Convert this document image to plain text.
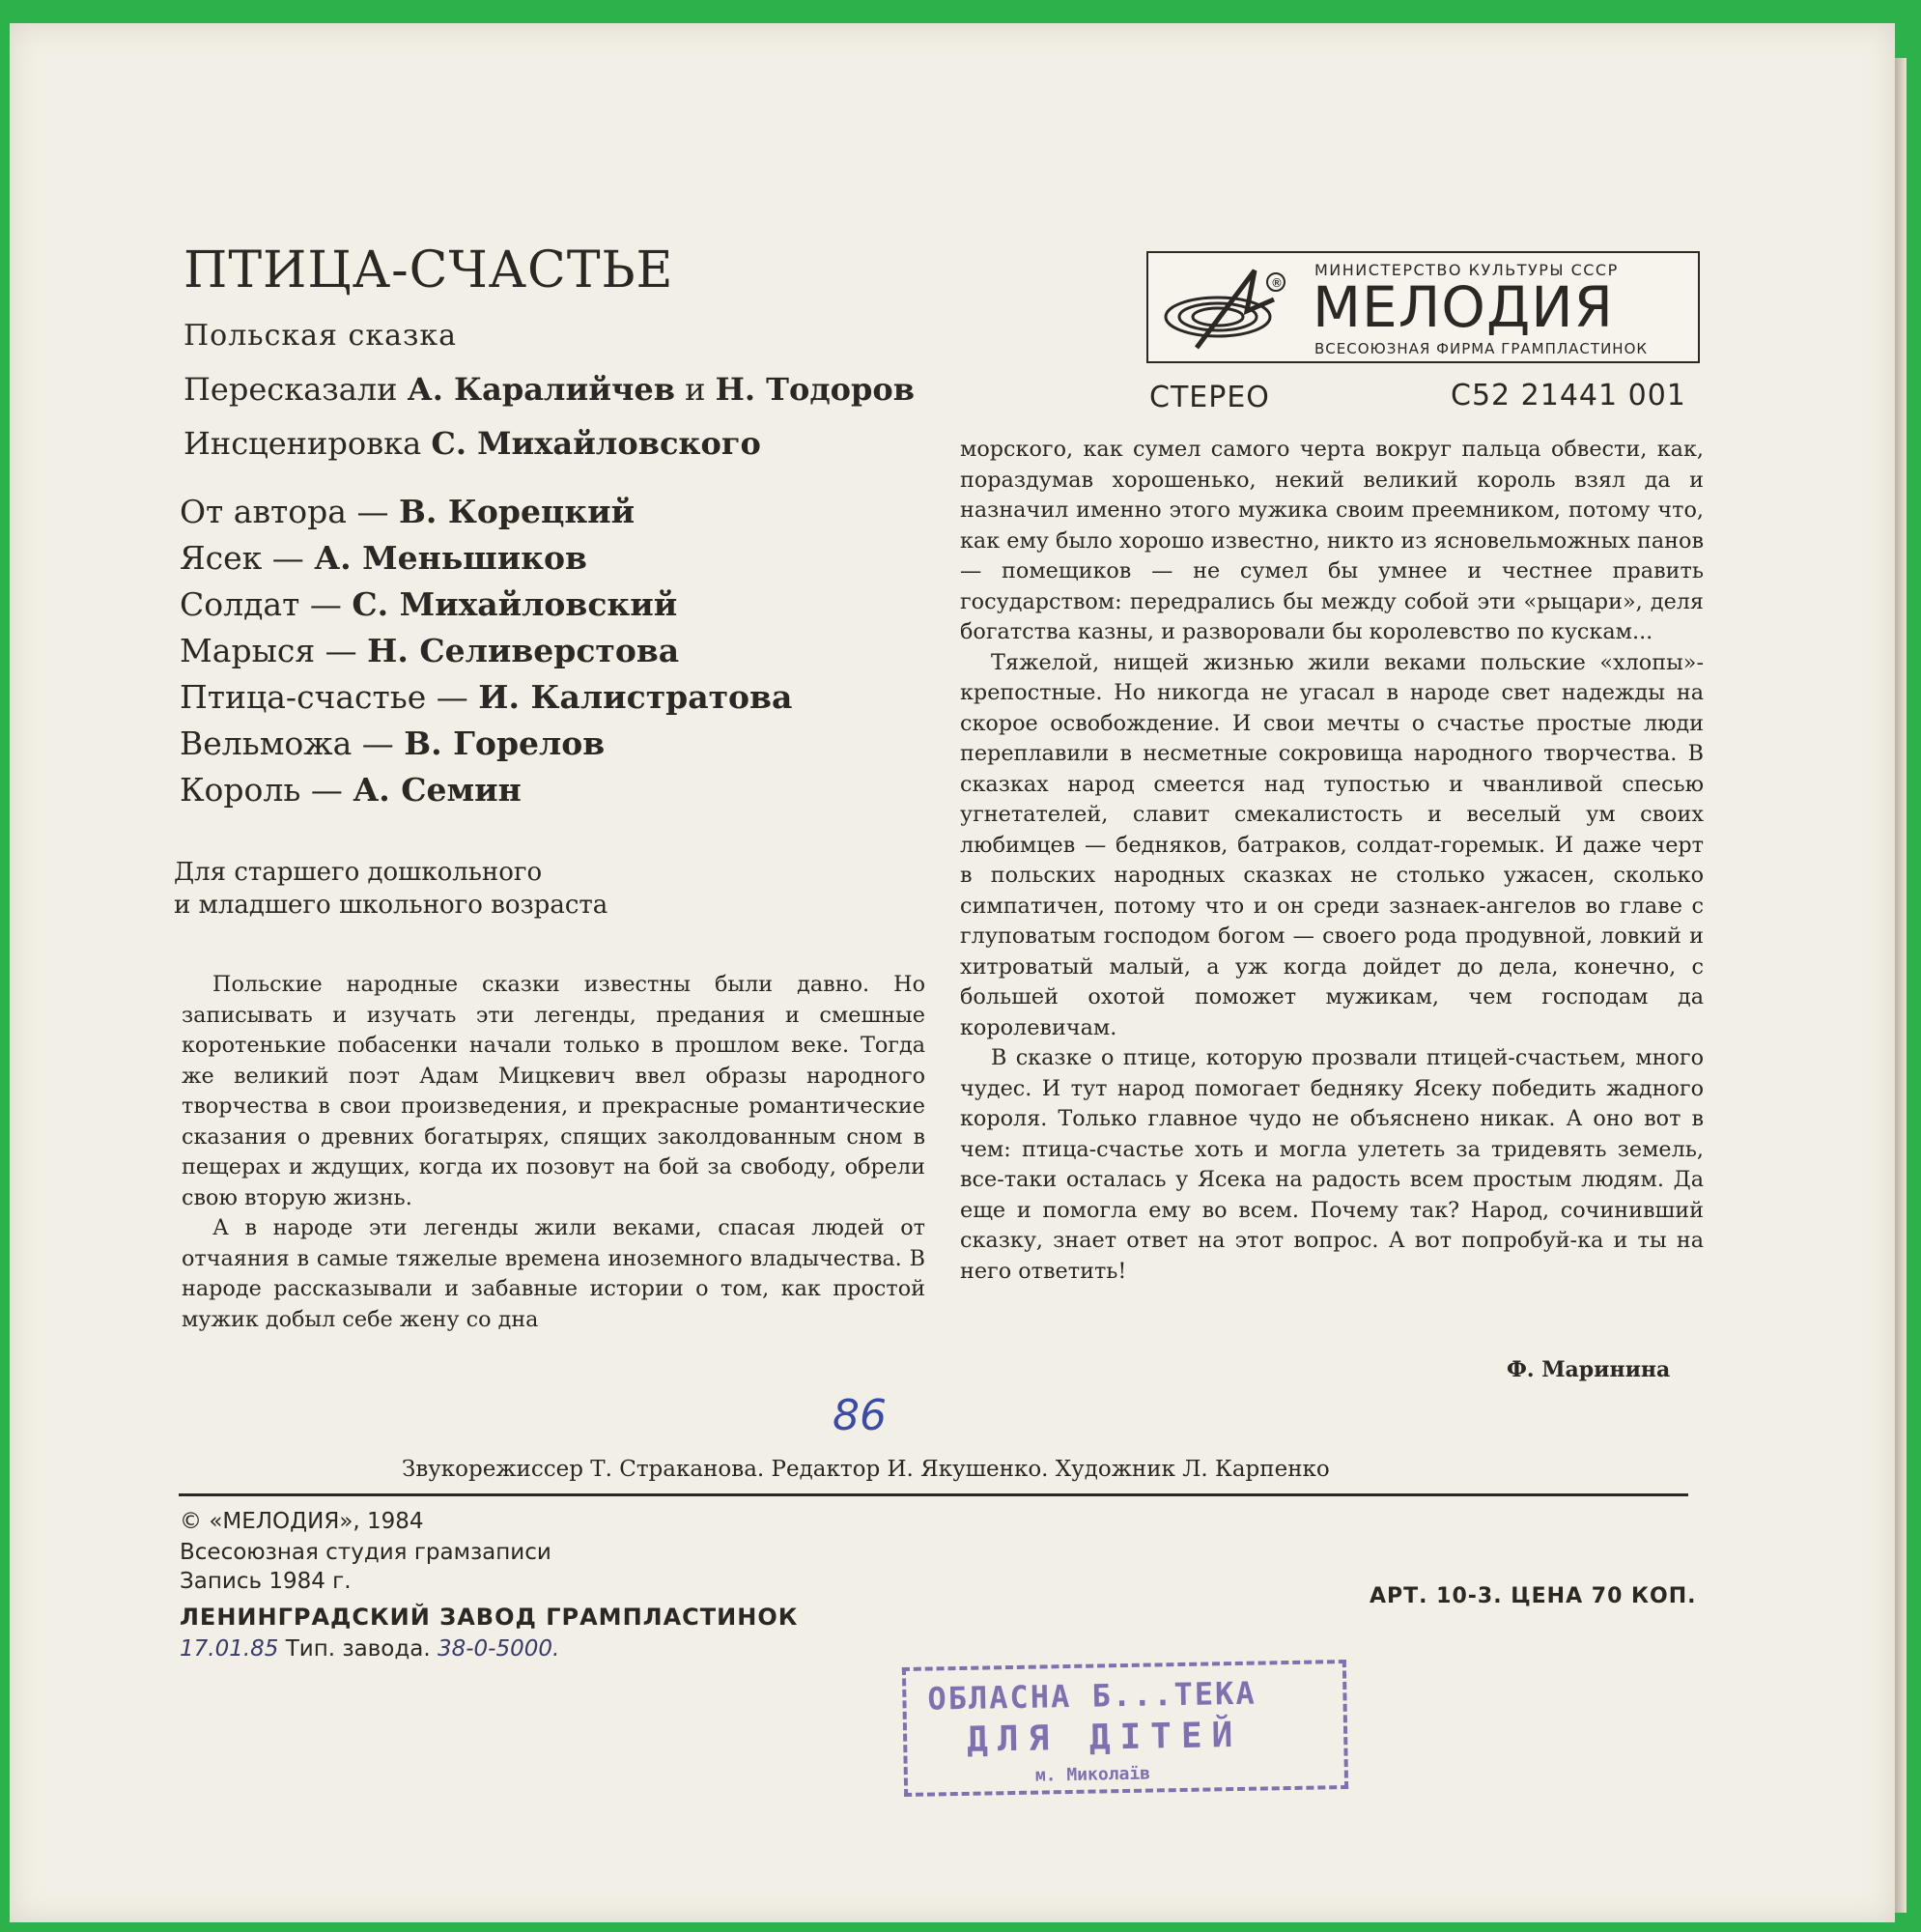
ПТИЦА-СЧАСТЬЕ
Польская сказка
Пересказали А. Каралийчев и Н. Тодоров
Инсценировка С. Михайловского
От автора — В. Корецкий
Ясек — А. Меньшиков
Солдат — С. Михайловский
Марыся — Н. Селиверстова
Птица-счастье — И. Калистратова
Вельможа — В. Горелов
Король — А. Семин
Для старшего дошкольного
и младшего школьного возраста
®
МИНИСТЕРСТВО КУЛЬТУРЫ СССР
МЕЛОДИЯ
ВСЕСОЮЗНАЯ ФИРМА ГРАМПЛАСТИНОК
СТЕРЕО	С52 21441 001

морского, как сумел самого черта вокруг пальца обвести, как, пораздумав хорошенько, некий великий король взял да и назначил именно этого мужика своим преемником, потому что, как ему было хорошо известно, никто из ясновельможных панов — помещиков — не сумел бы умнее и честнее править государством: передрались бы между собой эти «рыцари», деля богатства казны, и разворовали бы королевство по кускам...

Тяжелой, нищей жизнью жили веками польские «хлопы»-крепостные. Но никогда не угасал в народе свет надежды на скорое освобождение. И свои мечты о счастье простые люди переплавили в несметные сокровища народного творчества. В сказках народ смеется над тупостью и чванливой спесью угнетателей, славит смекалистость и веселый ум своих любимцев — бедняков, батраков, солдат-горемык. И даже черт в польских народных сказках не столько ужасен, сколько симпатичен, потому что и он среди зазнаек-ангелов во главе с глуповатым господом богом — своего рода продувной, ловкий и хитроватый малый, а уж когда дойдет до дела, конечно, с большей охотой поможет мужикам, чем господам да королевичам.

В сказке о птице, которую прозвали птицей-счастьем, много чудес. И тут народ помогает бедняку Ясеку победить жадного короля. Только главное чудо не объяснено никак. А оно вот в чем: птица-счастье хоть и могла улететь за тридевять земель, все-таки осталась у Ясека на радость всем простым людям. Да еще и помогла ему во всем. Почему так? Народ, сочинивший сказку, знает ответ на этот вопрос. А вот попробуй-ка и ты на него ответить!

Ф. Маринина

Польские народные сказки известны были давно. Но записывать и изучать эти легенды, предания и смешные коротенькие побасенки начали только в прошлом веке. Тогда же великий поэт Адам Мицкевич ввел образы народного творчества в свои произведения, и прекрасные романтические сказания о древних богатырях, спящих заколдованным сном в пещерах и ждущих, когда их позовут на бой за свободу, обрели свою вторую жизнь.

А в народе эти легенды жили веками, спасая людей от отчаяния в самые тяжелые времена иноземного владычества. В народе рассказывали и забавные истории о том, как простой мужик добыл себе жену со дна

86
Звукорежиссер Т. Страканова. Редактор И. Якушенко. Художник Л. Карпенко
© «МЕЛОДИЯ», 1984
Всесоюзная студия грамзаписи
Запись 1984 г.
ЛЕНИНГРАДСКИЙ ЗАВОД ГРАМПЛАСТИНОК
17.01.85 Тип. завода. 38-0-5000.
АРТ. 10-3. ЦЕНА 70 КОП.
ОБЛАСНА Б...ТЕКА
ДЛЯ ДІТЕЙ
м. Миколаїв
